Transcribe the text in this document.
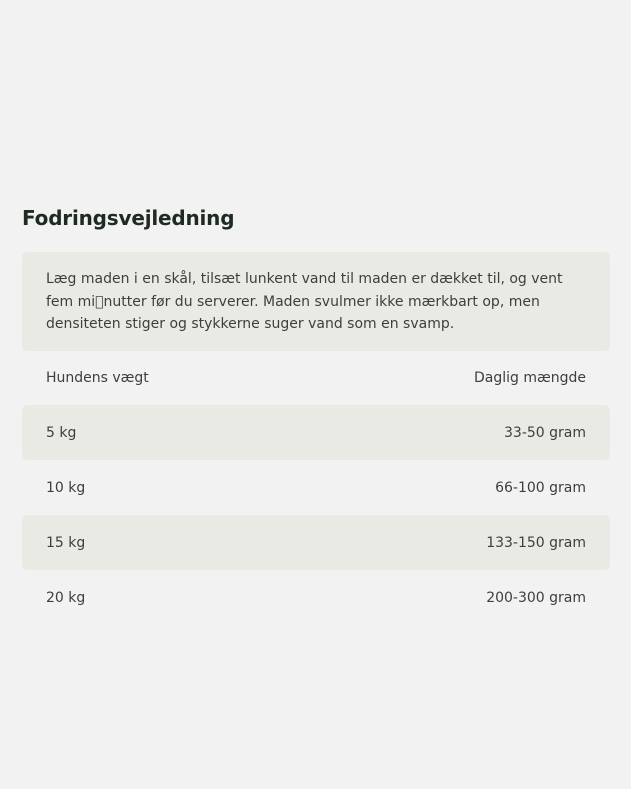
Fodringsvejledning

Læg maden i en skål, tilsæt lunkent vand til maden er dækket til, og vent fem mi nutter før du serverer. Maden svulmer ikke mærkbart op, men densiteten stiger og stykkerne suger vand som en svamp.

Hundens vægt	Daglig mængde
5 kg	33-50 gram
10 kg	66-100 gram
15 kg	133-150 gram
20 kg	200-300 gram
